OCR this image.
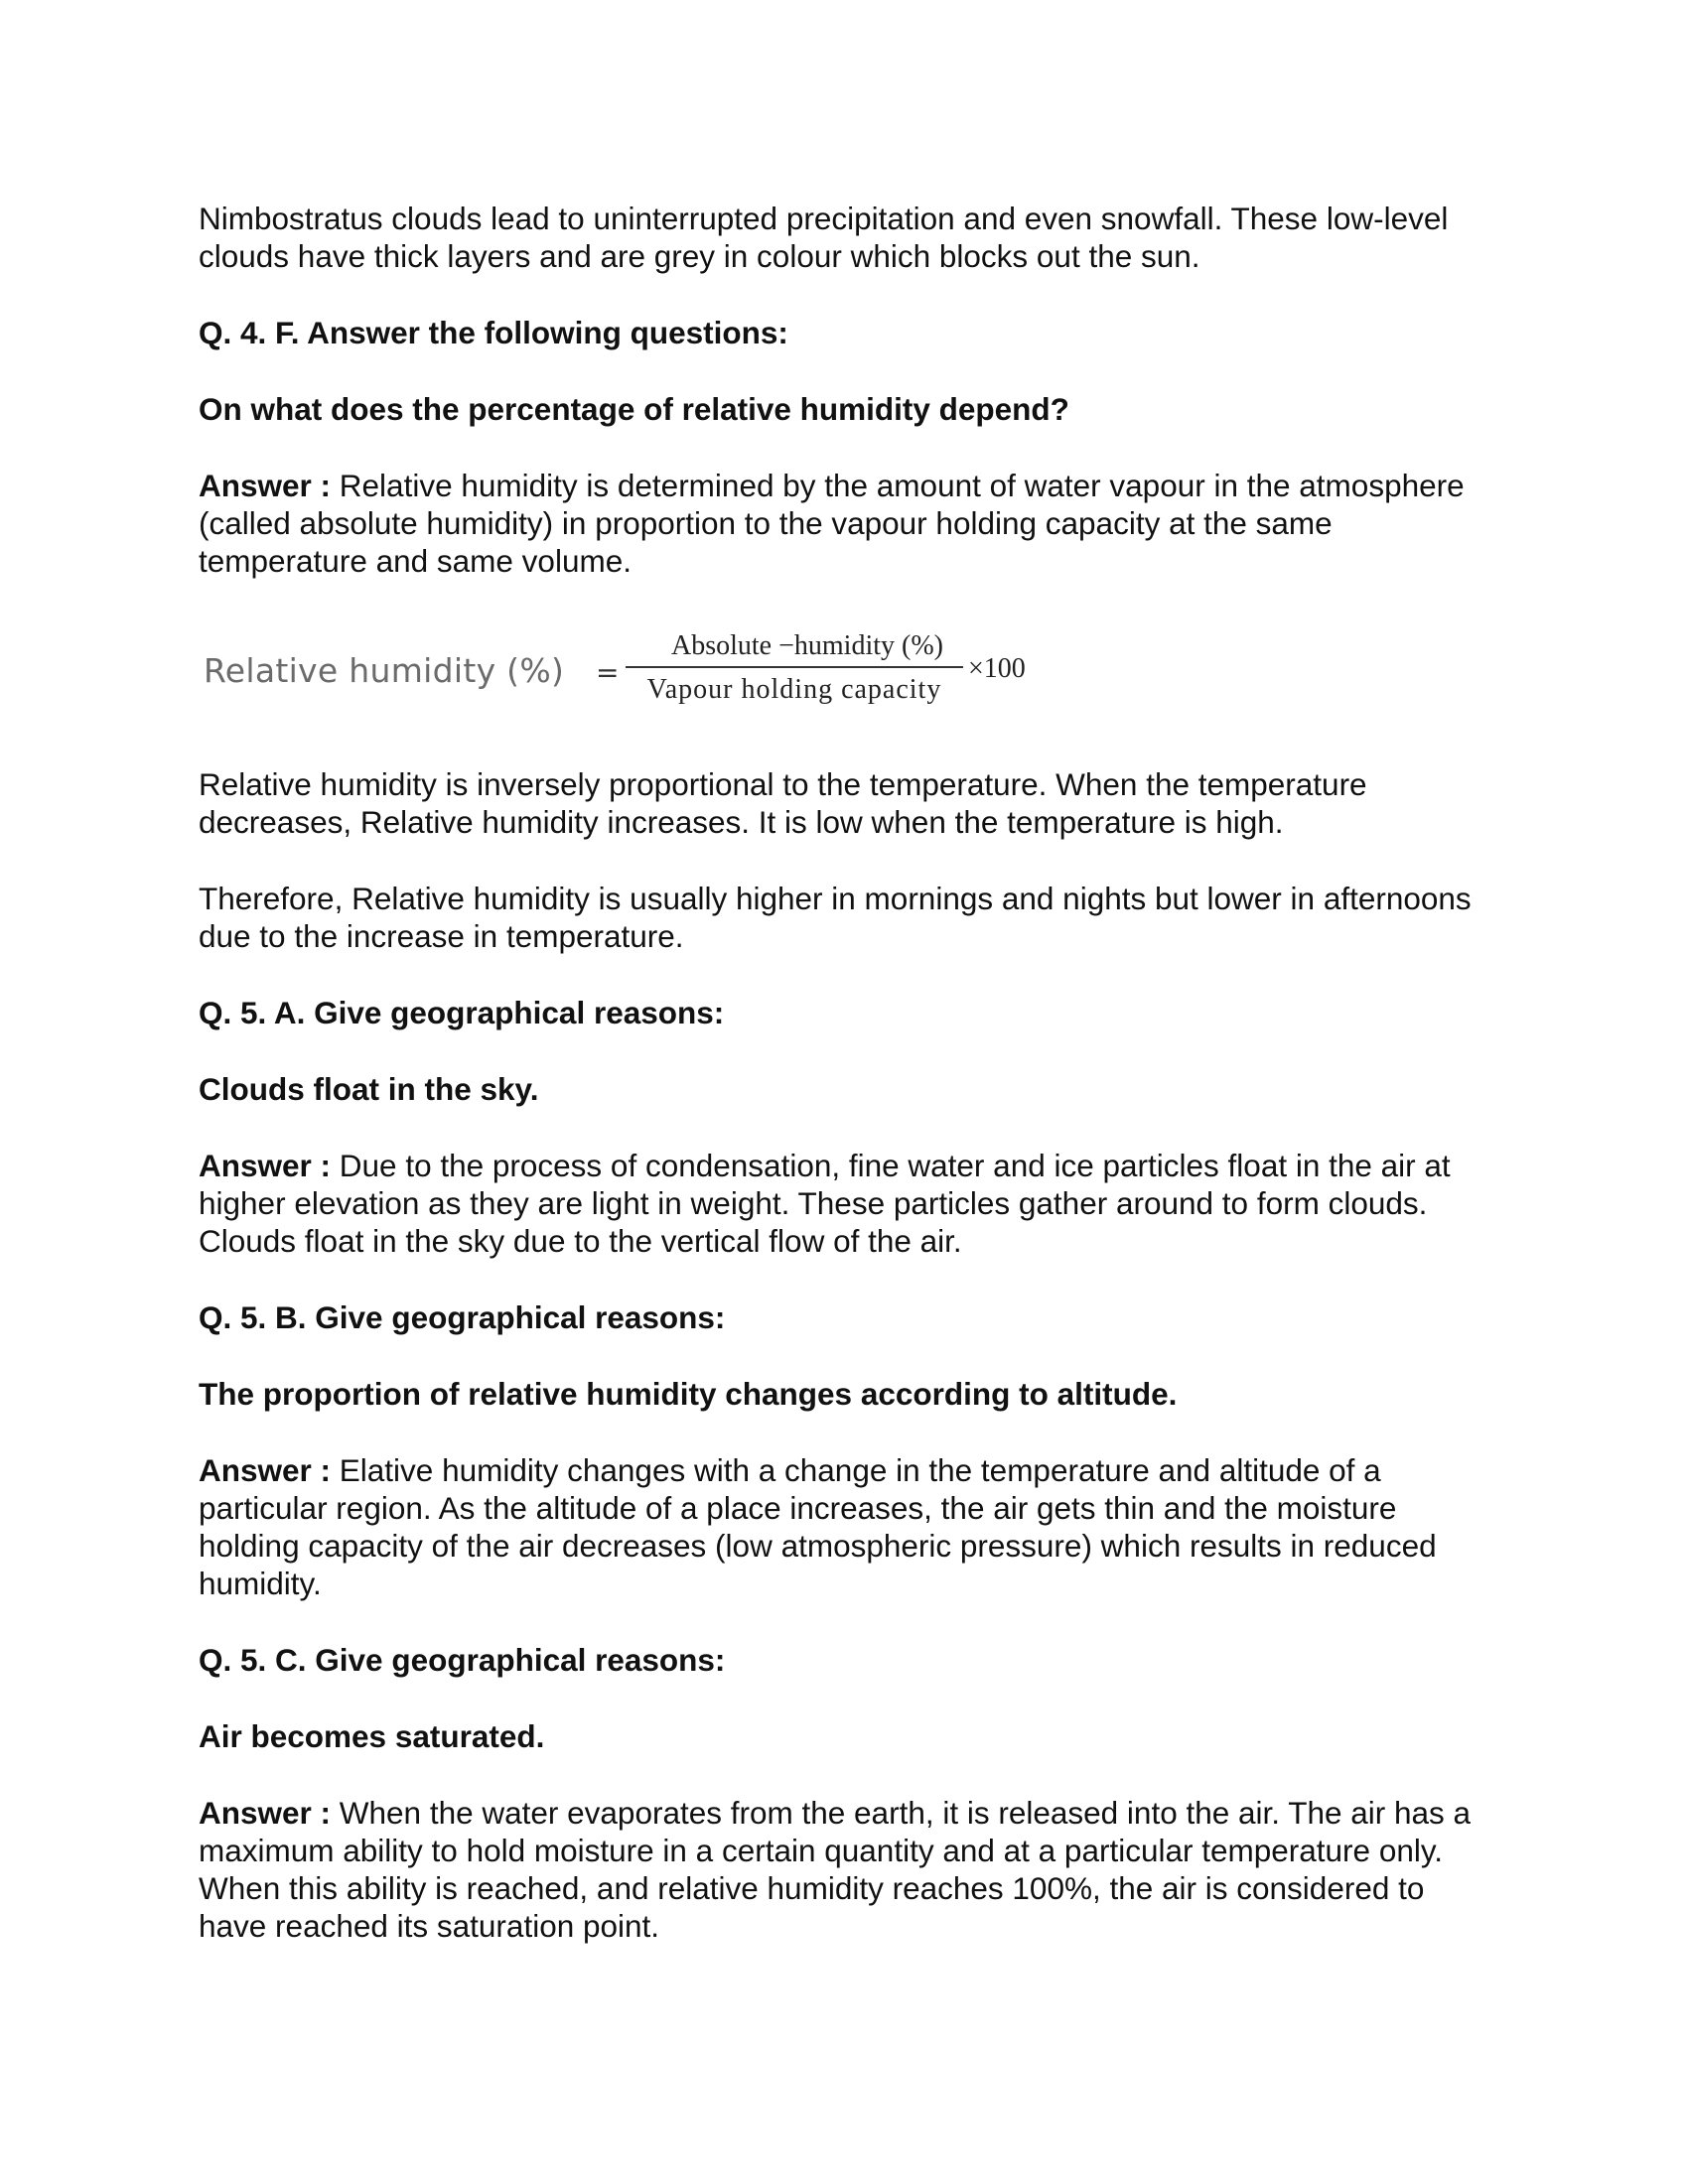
Nimbostratus clouds lead to uninterrupted precipitation and even snowfall. These low-level clouds have thick layers and are grey in colour which blocks out the sun.

Q. 4. F. Answer the following questions:

On what does the percentage of relative humidity depend?

Answer : Relative humidity is determined by the amount of water vapour in the atmosphere (called absolute humidity) in proportion to the vapour holding capacity at the same temperature and same volume.

Relative humidity (%) =
Absolute −humidity (%)
Vapour holding capacity
×100

Relative humidity is inversely proportional to the temperature. When the temperature decreases, Relative humidity increases. It is low when the temperature is high.

Therefore, Relative humidity is usually higher in mornings and nights but lower in afternoons due to the increase in temperature.

Q. 5. A. Give geographical reasons:

Clouds float in the sky.

Answer : Due to the process of condensation, fine water and ice particles float in the air at higher elevation as they are light in weight. These particles gather around to form clouds. Clouds float in the sky due to the vertical flow of the air.

Q. 5. B. Give geographical reasons:

The proportion of relative humidity changes according to altitude.

Answer : Elative humidity changes with a change in the temperature and altitude of a particular region. As the altitude of a place increases, the air gets thin and the moisture holding capacity of the air decreases (low atmospheric pressure) which results in reduced humidity.

Q. 5. C. Give geographical reasons:

Air becomes saturated.

Answer : When the water evaporates from the earth, it is released into the air. The air has a maximum ability to hold moisture in a certain quantity and at a particular temperature only. When this ability is reached, and relative humidity reaches 100%, the air is considered to have reached its saturation point.
